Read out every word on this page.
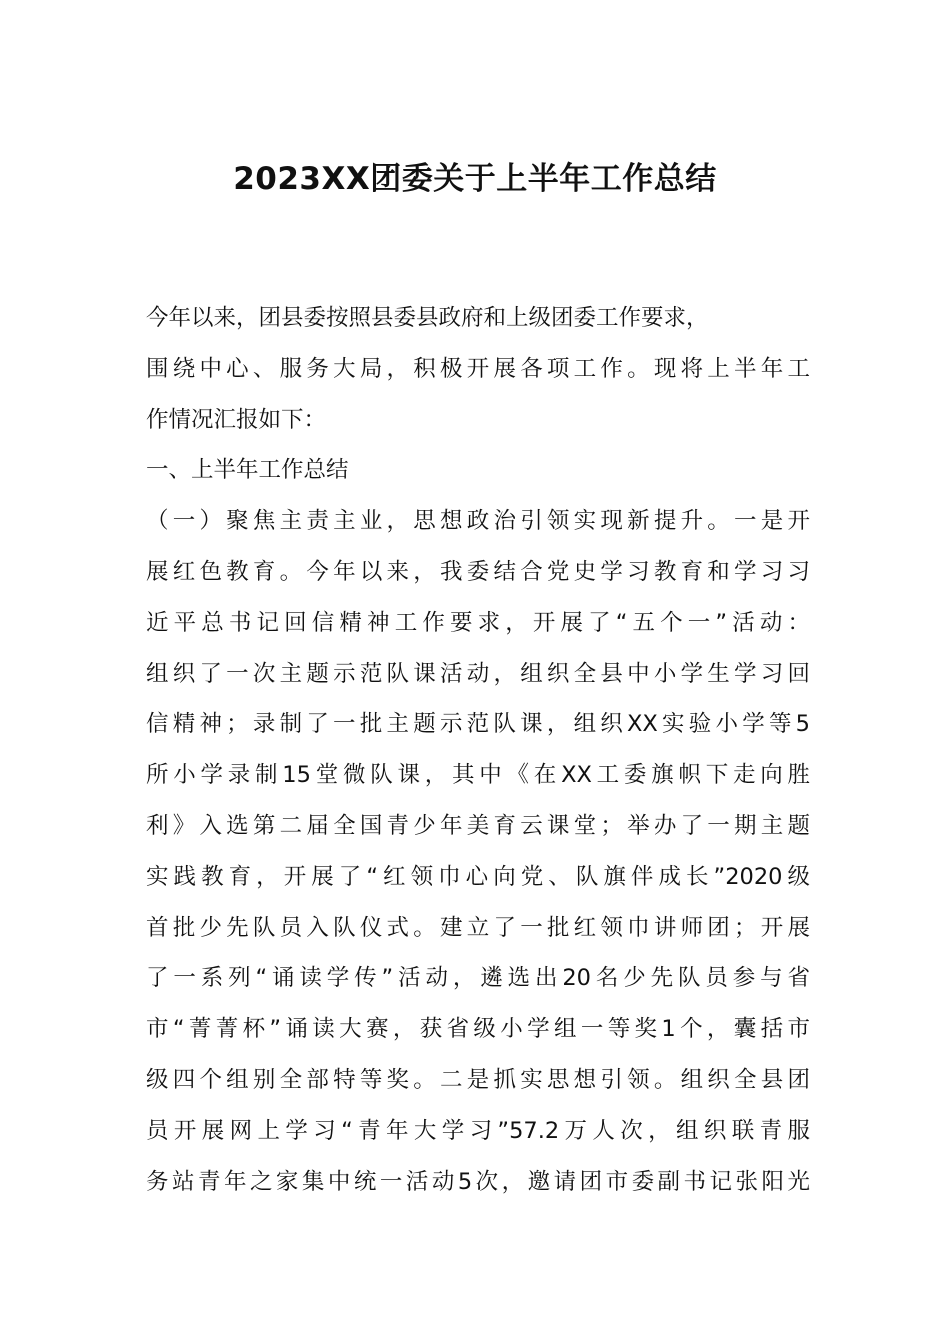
2023XX团委关于上半年工作总结
今年以来，团县委按照县委县政府和上级团委工作要求，
围绕中心、服务大局，积极开展各项工作。现将上半年工
作情况汇报如下：
一、上半年工作总结
（一）聚焦主责主业，思想政治引领实现新提升。一是开
展红色教育。今年以来，我委结合党史学习教育和学习习
近平总书记回信精神工作要求，开展了“五个一”活动：
组织了一次主题示范队课活动，组织全县中小学生学习回
信精神；录制了一批主题示范队课，组织XX实验小学等5
所小学录制15堂微队课，其中《在XX工委旗帜下走向胜
利》入选第二届全国青少年美育云课堂；举办了一期主题
实践教育，开展了“红领巾心向党、队旗伴成长”2020级
首批少先队员入队仪式。建立了一批红领巾讲师团；开展
了一系列“诵读学传”活动，遴选出20名少先队员参与省
市“菁菁杯”诵读大赛，获省级小学组一等奖1个，囊括市
级四个组别全部特等奖。二是抓实思想引领。组织全县团
员开展网上学习“青年大学习”57.2万人次，组织联青服
务站青年之家集中统一活动5次，邀请团市委副书记张阳光
